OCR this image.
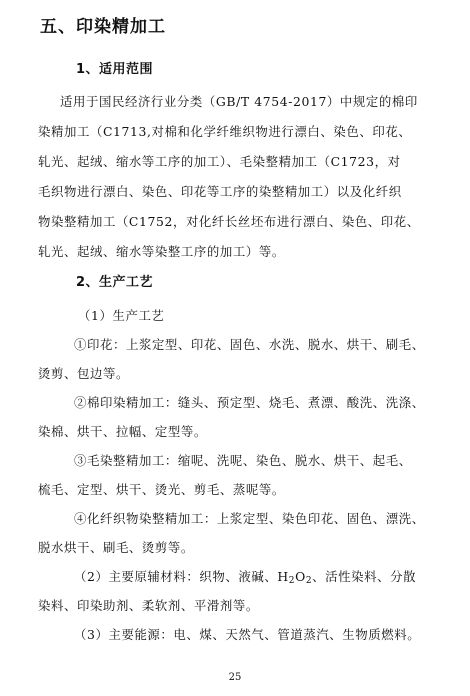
五、印染精加工
1、适用范围
适用于国民经济行业分类（GB/T 4754-2017）中规定的棉印
染精加工（C1713,对棉和化学纤维织物进行漂白、染色、印花、
轧光、起绒、缩水等工序的加工）、毛染整精加工（C1723，对
毛织物进行漂白、染色、印花等工序的染整精加工）以及化纤织
物染整精加工（C1752，对化纤长丝坯布进行漂白、染色、印花、
轧光、起绒、缩水等染整工序的加工）等。
2、生产工艺
（1）生产工艺
①印花：上浆定型、印花、固色、水洗、脱水、烘干、刷毛、
烫剪、包边等。
②棉印染精加工：缝头、预定型、烧毛、煮漂、酸洗、洗涤、
染棉、烘干、拉幅、定型等。
③毛染整精加工：缩呢、洗呢、染色、脱水、烘干、起毛、
梳毛、定型、烘干、烫光、剪毛、蒸呢等。
④化纤织物染整精加工：上浆定型、染色印花、固色、漂洗、
脱水烘干、刷毛、烫剪等。
（2）主要原辅材料：织物、液碱、$H_2O_2$、活性染料、分散
染料、印染助剂、柔软剂、平滑剂等。
（3）主要能源：电、煤、天然气、管道蒸汽、生物质燃料。
25
